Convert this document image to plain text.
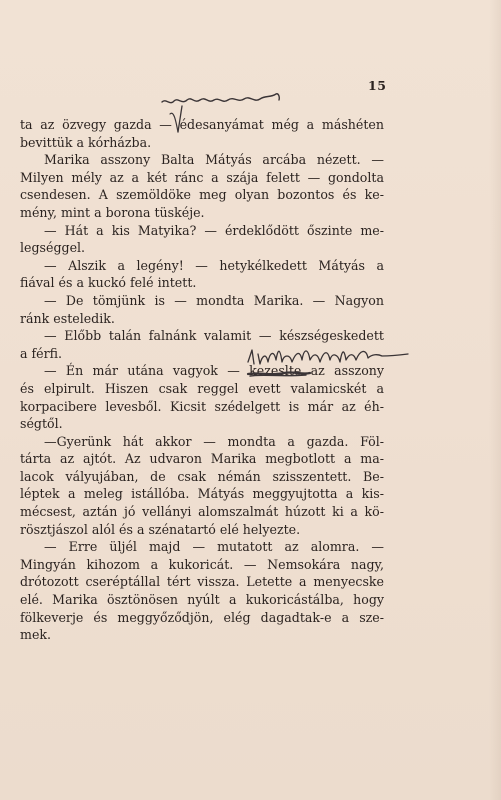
15
ta az özvegy gazda — édesanyámat még a máshéten
bevittük a kórházba.
Marika asszony Balta Mátyás arcába nézett. —
Milyen mély az a két ránc a szája felett — gondolta
csendesen. A szemöldöke meg olyan bozontos és ke-
mény, mint a borona tüskéje.
— Hát a kis Matyika? — érdeklődött őszinte me-
legséggel.
— Alszik a legény! — hetykélkedett Mátyás a
fiával és a kuckó felé intett.
— De tömjünk is — mondta Marika. — Nagyon
ránk esteledik.
— Előbb talán falnánk valamit — készségeskedett
a férfi.
— Én már utána vagyok — kezeslte az asszony
és elpirult. Hiszen csak reggel evett valamicskét a
korpacibere levesből. Kicsit szédelgett is már az éh-
ségtől.
—Gyerünk hát akkor — mondta a gazda. Föl-
tárta az ajtót. Az udvaron Marika megbotlott a ma-
lacok vályujában, de csak némán szisszentett. Be-
léptek a meleg istállóba. Mátyás meggyujtotta a kis-
mécsest, aztán jó vellányi alomszalmát húzott ki a kö-
rösztjászol alól és a szénatartó elé helyezte.
— Erre üljél majd — mutatott az alomra. —
Mingyán kihozom a kukoricát. — Nemsokára nagy,
drótozott cseréptállal tért vissza. Letette a menyecske
elé. Marika ösztönösen nyúlt a kukoricástálba, hogy
fölkeverje és meggyőződjön, elég dagadtak-e a sze-
mek.
